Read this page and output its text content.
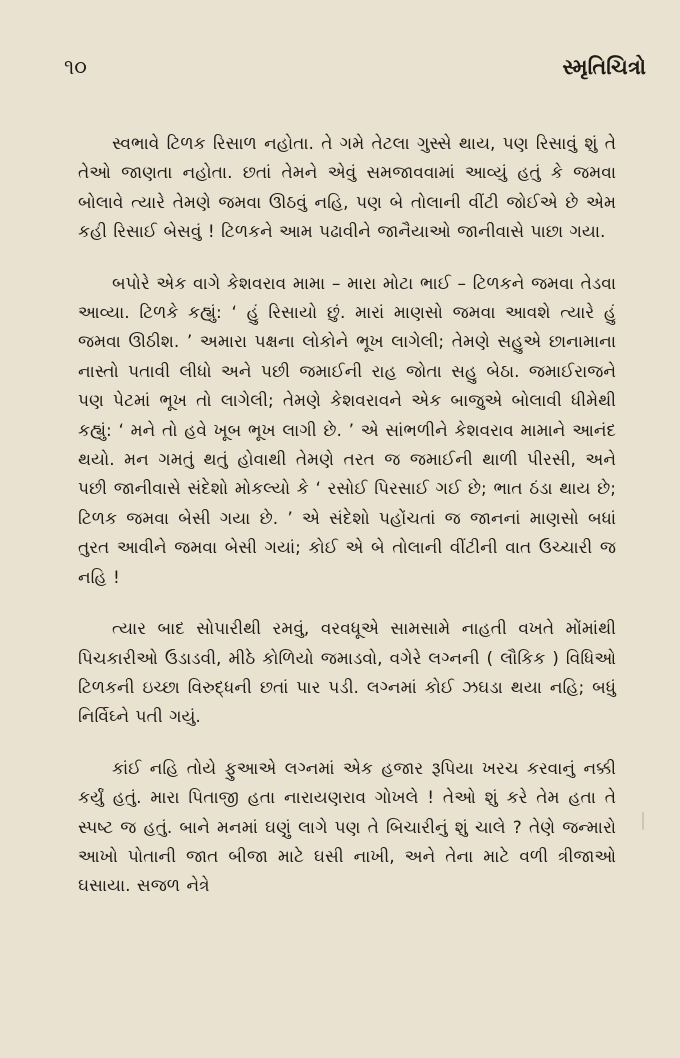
૧૦	સ્મૃતિચિત્રો

સ્વભાવે ટિળક રિસાળ નહોતા. તે ગમે તેટલા ગુસ્સે થાય, પણ રિસાવું શું તે તેઓ જાણતા નહોતા. છતાં તેમને એવું સમજાવવામાં આવ્યું હતું કે જમવા બોલાવે ત્યારે તેમણે જમવા ઊઠવું નહિ, પણ બે તોલાની વીંટી જોઈએ છે એમ કહી રિસાઈ બેસવું ! ટિળકને આમ પઢાવીને જાનૈયાઓ જાનીવાસે પાછા ગયા.

બપોરે એક વાગે કેશવરાવ મામા – મારા મોટા ભાઈ – ટિળકને જમવા તેડવા આવ્યા. ટિળકે કહ્યું: ‘ હું રિસાયો છું. મારાં માણસો જમવા આવશે ત્યારે હું જમવા ઊઠીશ. ’ અમારા પક્ષના લોકોને ભૂખ લાગેલી; તેમણે સહુએ છાનામાના નાસ્તો પતાવી લીધો અને પછી જમાઈની રાહ જોતા સહુ બેઠા. જમાઈરાજને પણ પેટમાં ભૂખ તો લાગેલી; તેમણે કેશવરાવને એક બાજુએ બોલાવી ધીમેથી કહ્યું: ‘ મને તો હવે ખૂબ ભૂખ લાગી છે. ’ એ સાંભળીને કેશવરાવ મામાને આનંદ થયો. મન ગમતું થતું હોવાથી તેમણે તરત જ જમાઈની થાળી પીરસી, અને પછી જાનીવાસે સંદેશો મોકલ્યો કે ‘ રસોઈ પિરસાઈ ગઈ છે; ભાત ઠંડા થાય છે; ટિળક જમવા બેસી ગયા છે. ’ એ સંદેશો પહોંચતાં જ જાનનાં માણસો બધાં તુરત આવીને જમવા બેસી ગયાં; કોઈ એ બે તોલાની વીંટીની વાત ઉચ્ચારી જ નહિ !

ત્યાર બાદ સોપારીથી રમવું, વરવધૂએ સામસામે નાહતી વખતે મોંમાંથી પિચકારીઓ ઉડાડવી, મીઠે કોળિયો જમાડવો, વગેરે લગ્નની ( લૌકિક ) વિધિઓ ટિળકની ઇચ્છા વિરુદ્ધની છતાં પાર પડી. લગ્નમાં કોઈ ઝઘડા થયા નહિ; બધું નિર્વિઘ્ને પતી ગયું.

કાંઈ નહિ તોયે ફુઆએ લગ્નમાં એક હજાર રૂપિયા ખરચ કરવાનું નક્કી કર્યું હતું. મારા પિતાજી હતા નારાયણરાવ ગોખલે ! તેઓ શું કરે તેમ હતા તે સ્પષ્ટ જ હતું. બાને મનમાં ઘણું લાગે પણ તે બિચારીનું શું ચાલે ? તેણે જન્મારો આખો પોતાની જાત બીજા માટે ઘસી નાખી, અને તેના માટે વળી ત્રીજાઓ ઘસાયા. સજળ નેત્રે
